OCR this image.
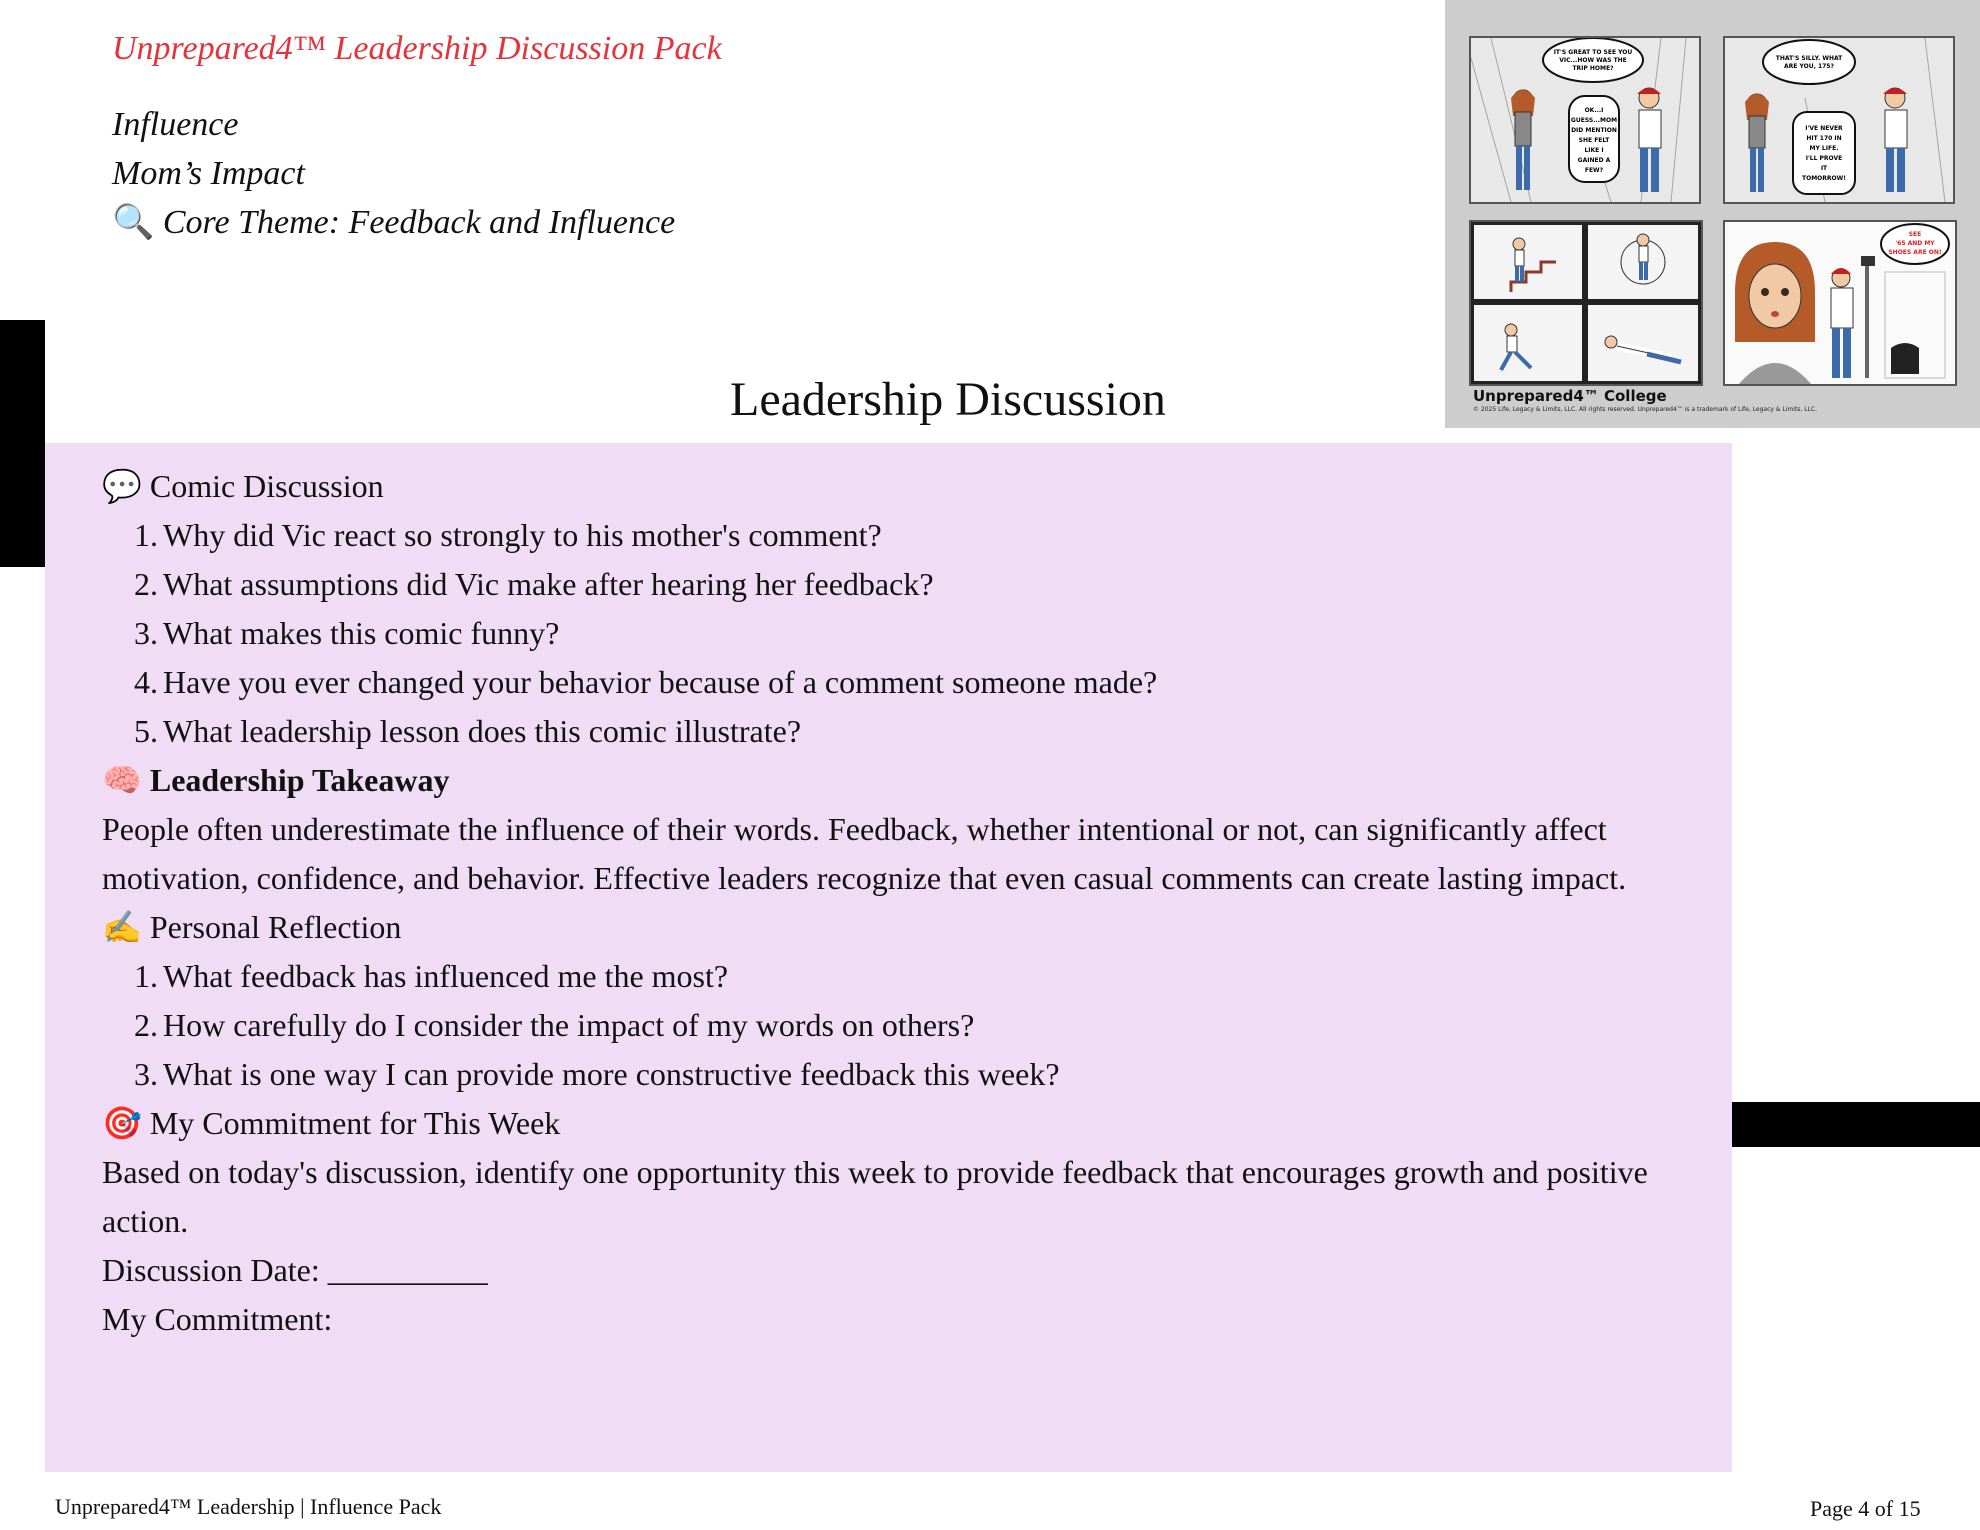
Unprepared4™ Leadership Discussion Pack
Influence
Mom’s Impact
🔍 Core Theme: Feedback and Influence
IT'S GREAT TO SEE YOU
VIC...HOW WAS THE
TRIP HOME?
OK...I
GUESS...MOM
DID MENTION
SHE FELT
LIKE I
GAINED A
FEW?
THAT'S SILLY. WHAT
ARE YOU, 175?
I'VE NEVER
HIT 170 IN
MY LIFE.
I'LL PROVE
IT
TOMORROW!
SEE
'65 AND MY
SHOES ARE ON!
Unprepared4™ College
© 2025 Life, Legacy & Limits, LLC. All rights reserved. Unprepared4™ is a trademark of Life, Legacy & Limits, LLC.
Leadership Discussion
💬 Comic Discussion
1. Why did Vic react so strongly to his mother's comment?
2. What assumptions did Vic make after hearing her feedback?
3. What makes this comic funny?
4. Have you ever changed your behavior because of a comment someone made?
5. What leadership lesson does this comic illustrate?
🧠 Leadership Takeaway
People often underestimate the influence of their words. Feedback, whether intentional or not, can significantly affect motivation, confidence, and behavior. Effective leaders recognize that even casual comments can create lasting impact.
✍ Personal Reflection
1. What feedback has influenced me the most?
2. How carefully do I consider the impact of my words on others?
3. What is one way I can provide more constructive feedback this week?
🎯 My Commitment for This Week
Based on today's discussion, identify one opportunity this week to provide feedback that encourages growth and positive action.
Discussion Date: __________
My Commitment:
Unprepared4™ Leadership | Influence Pack	Page 4 of 15
